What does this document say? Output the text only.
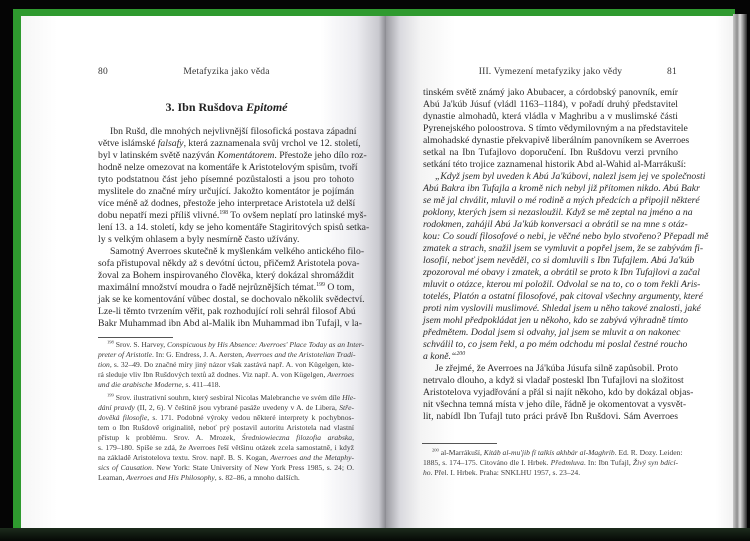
80	Metafyzika jako věda
3. Ibn Rušdova Epitomé
Ibn Rušd, dle mnohých nejvlivnější filosofická postava západní
větve islámské falsafy, která zaznamenala svůj vrchol ve 12. století,
byl v latinském světě nazýván Komentátorem. Přestože jeho dílo roz-
hodně nelze omezovat na komentáře k Aristotelovým spisům, tvoří
tyto podstatnou část jeho písemné pozůstalosti a jsou pro tohoto
myslitele do značné míry určující. Jakožto komentátor je pojímán
více méně až dodnes, přestože jeho interpretace Aristotela už delší
dobu nepatří mezi příliš vlivné.$^{198}$ To ovšem neplatí pro latinské myš-
lení 13. a 14. století, kdy se jeho komentáře Stagiritových spisů setka-
ly s velkým ohlasem a byly nesmírně často užívány.
Samotný Averroes skutečně k myšlenkám velkého antického filo-
sofa přistupoval někdy až s devótní úctou, přičemž Aristotela pova-
žoval za Bohem inspirovaného člověka, který dokázal shromáždit
maximální množství moudra o řadě nejrůznějších témat.$^{199}$ O tom,
jak se ke komentování vůbec dostal, se dochovalo několik svědectví.
Lze-li těmto tvrzením věřit, pak rozhodující roli sehrál filosof Abú
Bakr Muhammad ibn Abd al-Malik ibn Muhammad ibn Tufajl, v la-
$^{198}$ Srov. S. Harvey, Conspicuous by His Absence: Averroes' Place Today as an Inter-
preter of Aristotle. In: G. Endress, J. A. Aersten, Averroes and the Aristotelian Tradi-
tion, s. 32–49. Do značné míry jiný názor však zastává např. A. von Kügelgen, kte-
rá sleduje vliv Ibn Rušdových textů až dodnes. Viz např. A. von Kügelgen, Averroes
und die arabische Moderne, s. 411–418.
$^{199}$ Srov. ilustrativní souhrn, který sesbíral Nicolas Malebranche ve svém díle Hle-
dání pravdy (II, 2, 6). V češtině jsou vybrané pasáže uvedeny v A. de Libera, Stře-
dověká filosofie, s. 171. Podobné výroky vedou některé interprety k pochybnos-
tem o Ibn Rušdově originalitě, neboť prý postavil autoritu Aristotela nad vlastní
přístup k problému. Srov. A. Mrozek, Średniowieczna filozofia arabska,
s. 179–180. Spíše se zdá, že Averroes řeší většinu otázek zcela samostatně, i když
na základě Aristotelova textu. Srov. např. B. S. Kogan, Averroes and the Metaphy-
sics of Causation. New York: State University of New York Press 1985, s. 24; O.
Leaman, Averroes and His Philosophy, s. 82–86, a mnoho dalších.
III. Vymezení metafyziky jako vědy	81
tinském světě známý jako Abubacer, a córdobský panovník, emír
Abú Ja'kúb Júsuf (vládl 1163–1184), v pořadí druhý představitel
dynastie almohadů, která vládla v Maghribu a v muslimské části
Pyrenejského poloostrova. S tímto vědymilovným a na představitele
almohadské dynastie překvapivě liberálním panovníkem se Averroes
setkal na Ibn Tufajlovo doporučení. Ibn Rušdovu verzi prvního
setkání této trojice zaznamenal historik Abd al-Wahid al-Marrákuší:
„Když jsem byl uveden k Abú Ja'kúbovi, nalezl jsem jej ve společnosti
Abú Bakra ibn Tufajla a kromě nich nebyl již přítomen nikdo. Abú Bakr
se mě jal chválit, mluvil o mé rodině a mých předcích a připojil některé
poklony, kterých jsem si nezasloužil. Když se mě zeptal na jméno a na
rodokmen, zahájil Abú Ja'kúb konversaci a obrátil se na mne s otáz-
kou: Co soudí filosofové o nebi, je věčné nebo bylo stvořeno? Přepadl mě
zmatek a strach, snažil jsem se vymluvit a popřel jsem, že se zabývám fi-
losofií, neboť jsem nevěděl, co si domluvili s Ibn Tufajlem. Abú Ja'kúb
zpozoroval mé obavy i zmatek, a obrátil se proto k Ibn Tufajlovi a začal
mluvit o otázce, kterou mi položil. Odvolal se na to, co o tom řekli Aris-
totelés, Platón a ostatní filosofové, pak citoval všechny argumenty, které
proti nim vyslovili muslimové. Shledal jsem u něho takové znalosti, jaké
jsem mohl předpokládat jen u někoho, kdo se zabývá výhradně tímto
předmětem. Dodal jsem si odvahy, jal jsem se mluvit a on nakonec
schválil to, co jsem řekl, a po mém odchodu mi poslal čestné roucho
a koně.“$^{200}$
Je zřejmé, že Averroes na Já'kúba Júsufa silně zapůsobil. Proto
netrvalo dlouho, a když si vladař posteskl Ibn Tufajlovi na složitost
Aristotelova vyjadřování a přál si najít někoho, kdo by dokázal objas-
nit všechna temná místa v jeho díle, řádně je okomentovat a vysvět-
lit, nabídl Ibn Tufajl tuto práci právě Ibn Rušdovi. Sám Averroes
$^{200}$ al-Marrákuší, Kitáb al-mu'jib fí talkís akhbár al-Maghrib. Ed. R. Dozy. Leiden:
1885, s. 174–175. Citováno dle I. Hrbek. Předmluva. In: Ibn Tufajl, Živý syn bdící-
ho. Přel. I. Hrbek. Praha: SNKLHU 1957, s. 23–24.
